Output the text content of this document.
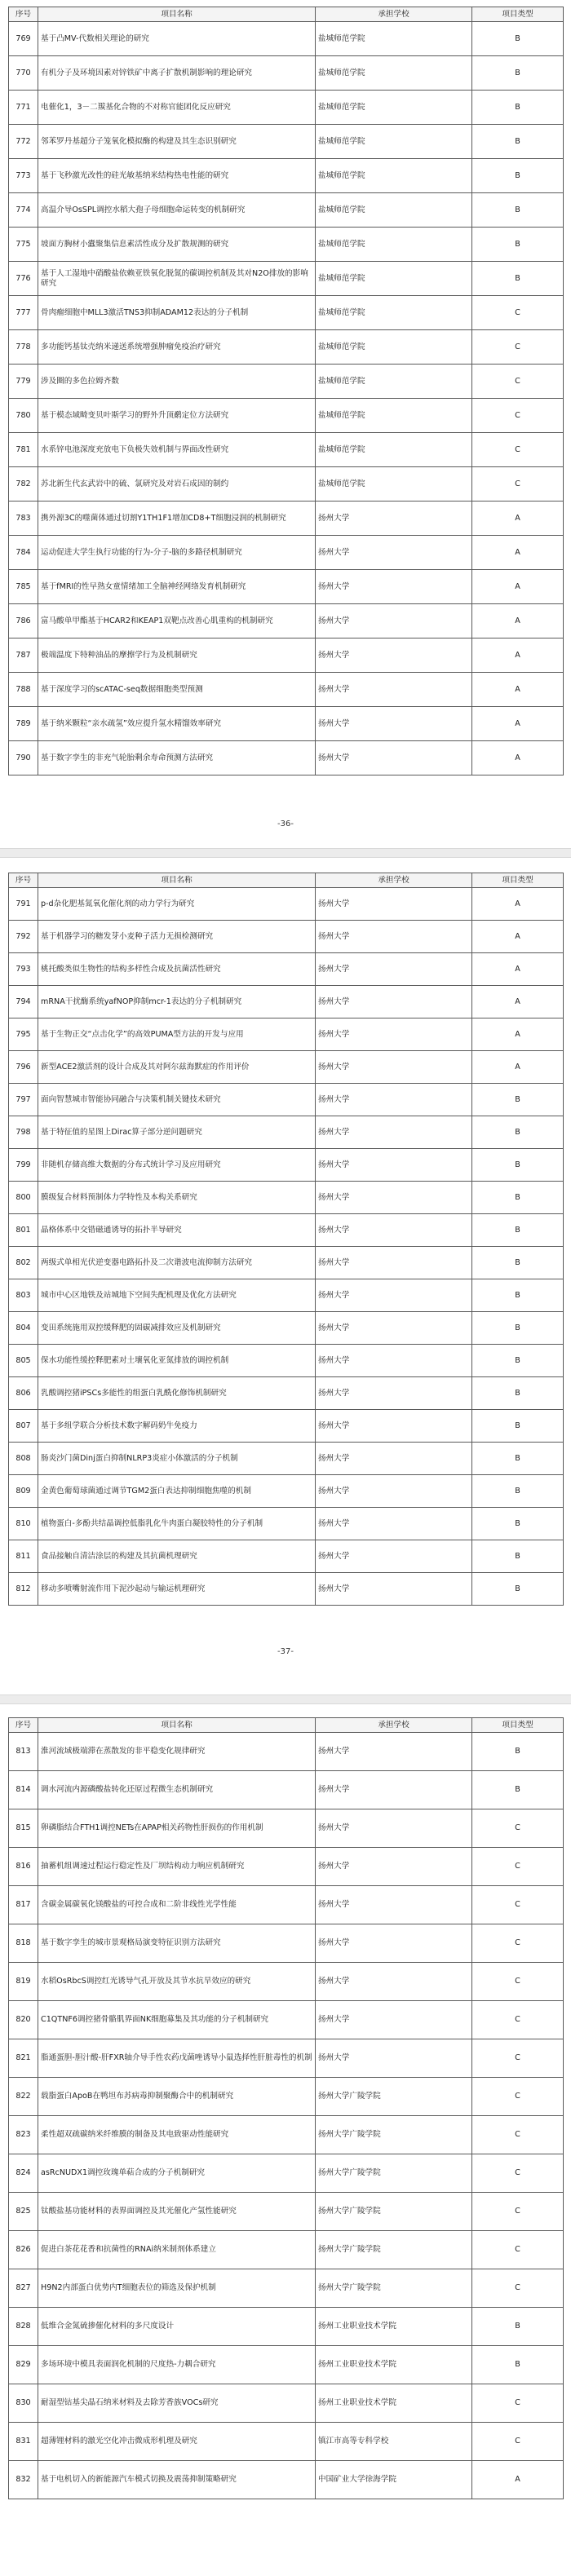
序号	项目名称	承担学校	项目类型
769	基于凸MV-代数相关理论的研究	盐城师范学院	B
770	有机分子及环境因素对锌铁矿中离子扩散机制影响的理论研究	盐城师范学院	B
771	电催化1，3－二羰基化合物的不对称官能团化反应研究	盐城师范学院	B
772	邻苯罗丹基超分子笼氧化模拟酶的构建及其生态识别研究	盐城师范学院	B
773	基于飞秒激光改性的硅光敏基纳米结构热电性能的研究	盐城师范学院	B
774	高温介导OsSPL调控水稻大孢子母细胞命运转变的机制研究	盐城师范学院	B
775	坡面方胸材小蠹聚集信息素活性成分及扩散规测的研究	盐城师范学院	B
776	基于人工湿地中硝酸盐依赖亚铁氧化脱氮的碳调控机制及其对N2O排放的影响研究	盐城师范学院	B
777	骨肉瘤细胞中MLL3激活TNS3抑制ADAM12表达的分子机制	盐城师范学院	C
778	多功能钙基钛壳纳米递送系统增强肿瘤免疫治疗研究	盐城师范学院	C
779	涉及圈的多色拉姆齐数	盐城师范学院	C
780	基于模态域畸变贝叶斯学习的野外升顶鹬定位方法研究	盐城师范学院	C
781	水系锌电池深度充放电下负极失效机制与界面改性研究	盐城师范学院	C
782	苏北新生代玄武岩中的硫、氯研究及对岩石成因的制约	盐城师范学院	C
783	携外源3C的噬菌体通过切割Y1TH1F1增加CD8+T细胞浸润的机制研究	扬州大学	A
784	运动促进大学生执行功能的行为-分子-脑的多路径机制研究	扬州大学	A
785	基于fMRI的性早熟女童情绪加工全脑神经网络发育机制研究	扬州大学	A
786	富马酸单甲酯基于HCAR2和KEAP1双靶点改善心肌重构的机制研究	扬州大学	A
787	极端温度下特种油品的摩擦学行为及机制研究	扬州大学	A
788	基于深度学习的scATAC-seq数据细胞类型预测	扬州大学	A
789	基于纳米颗粒“亲水疏氢”效应提升氢水精馏效率研究	扬州大学	A
790	基于数字孪生的非充气轮胎剩余寿命预测方法研究	扬州大学	A
-36-
序号	项目名称	承担学校	项目类型
791	p-d杂化肥基氮氧化催化剂的动力学行为研究	扬州大学	A
792	基于机器学习的糖发芽小麦种子活力无损检测研究	扬州大学	A
793	桃托酸类似生物性的结构多样性合成及抗菌活性研究	扬州大学	A
794	mRNA干扰酶系统yafNOP抑制mcr-1表达的分子机制研究	扬州大学	A
795	基于生物正交“点击化学”的高效PUMA型方法的开发与应用	扬州大学	A
796	新型ACE2激活剂的设计合成及其对阿尔兹海默症的作用评价	扬州大学	A
797	面向智慧城市智能协同融合与决策机制关键技术研究	扬州大学	B
798	基于特征值的星图上Dirac算子部分逆问题研究	扬州大学	B
799	非随机存储高维大数据的分布式统计学习及应用研究	扬州大学	B
800	膜级复合材料预制体力学特性及本构关系研究	扬州大学	B
801	晶格体系中交错磁通诱导的拓扑半导研究	扬州大学	B
802	两级式单相光伏逆变器电路拓扑及二次谐波电流抑制方法研究	扬州大学	B
803	城市中心区地铁及站城地下空间失配机理及优化方法研究	扬州大学	B
804	变田系统施用双控缓释肥的固碳减排效应及机制研究	扬州大学	B
805	保水功能性缓控释肥素对土壤氧化亚氮排放的调控机制	扬州大学	B
806	乳酸调控猪iPSCs多能性的组蛋白乳酰化修饰机制研究	扬州大学	B
807	基于多组学联合分析技术数字解码奶牛免疫力	扬州大学	B
808	肠炎沙门菌Dinj蛋白抑制NLRP3炎症小体激活的分子机制	扬州大学	B
809	金黄色葡萄球菌通过调节TGM2蛋白表达抑制细胞焦噬的机制	扬州大学	B
810	植物蛋白-多酚共结晶调控低脂乳化牛肉蛋白凝胶特性的分子机制	扬州大学	B
811	食品接触自清洁涂层的构建及其抗菌机理研究	扬州大学	B
812	移动多喷嘴射流作用下泥沙起动与输运机理研究	扬州大学	B
-37-
序号	项目名称	承担学校	项目类型
813	淮河流域极端滞在蒸散发的非平稳变化规律研究	扬州大学	B
814	调水河流内源磷酸盐转化还原过程微生态机制研究	扬州大学	B
815	卵磷脂结合FTH1调控NETs在APAP相关药物性肝损伤的作用机制	扬州大学	C
816	抽蓄机组调速过程运行稳定性及厂坝结构动力响应机制研究	扬州大学	C
817	含碳金属碳氧化镁酸盐的可控合成和二阶非线性光学性能	扬州大学	C
818	基于数字孪生的城市景观格局演变特征识别方法研究	扬州大学	C
819	水稻OsRbcS调控红光诱导气孔开放及其节水抗旱效应的研究	扬州大学	C
820	C1QTNF6调控猪骨骼肌界面NK细胞募集及其功能的分子机制研究	扬州大学	C
821	脂通蛋胆-胆汁酸-肝FXR轴介导手性农药戊菌唑诱导小鼠选择性肝脏毒性的机制	扬州大学	C
822	载脂蛋白ApoB在鸭坦布苏病毒抑制聚酶合中的机制研究	扬州大学广陵学院	C
823	柔性超双疏碳纳米纤维膜的制备及其电致驱动性能研究	扬州大学广陵学院	C
824	asRcNUDX1调控玫瑰单萜合成的分子机制研究	扬州大学广陵学院	C
825	钛酸盐基功能材料的表界面调控及其光催化产氢性能研究	扬州大学广陵学院	C
826	促进白茶花花香和抗菌性的RNAi纳米制剂体系建立	扬州大学广陵学院	C
827	H9N2内部蛋白优势内T细胞表位的筛选及保护机制	扬州大学广陵学院	C
828	低维合金氮硫掺催化材料的多尺度设计	扬州工业职业技术学院	B
829	多场环境中模具表面润化机制的尺度热-力耦合研究	扬州工业职业技术学院	B
830	耐湿型钴基尖晶石纳米材料及去除芳香族VOCs研究	扬州工业职业技术学院	C
831	超薄锂材料的激光空化冲击微成形机理及研究	镇江市高等专科学校	C
832	基于电机切入的新能源汽车模式切换及震荡抑制策略研究	中国矿业大学徐海学院	A
